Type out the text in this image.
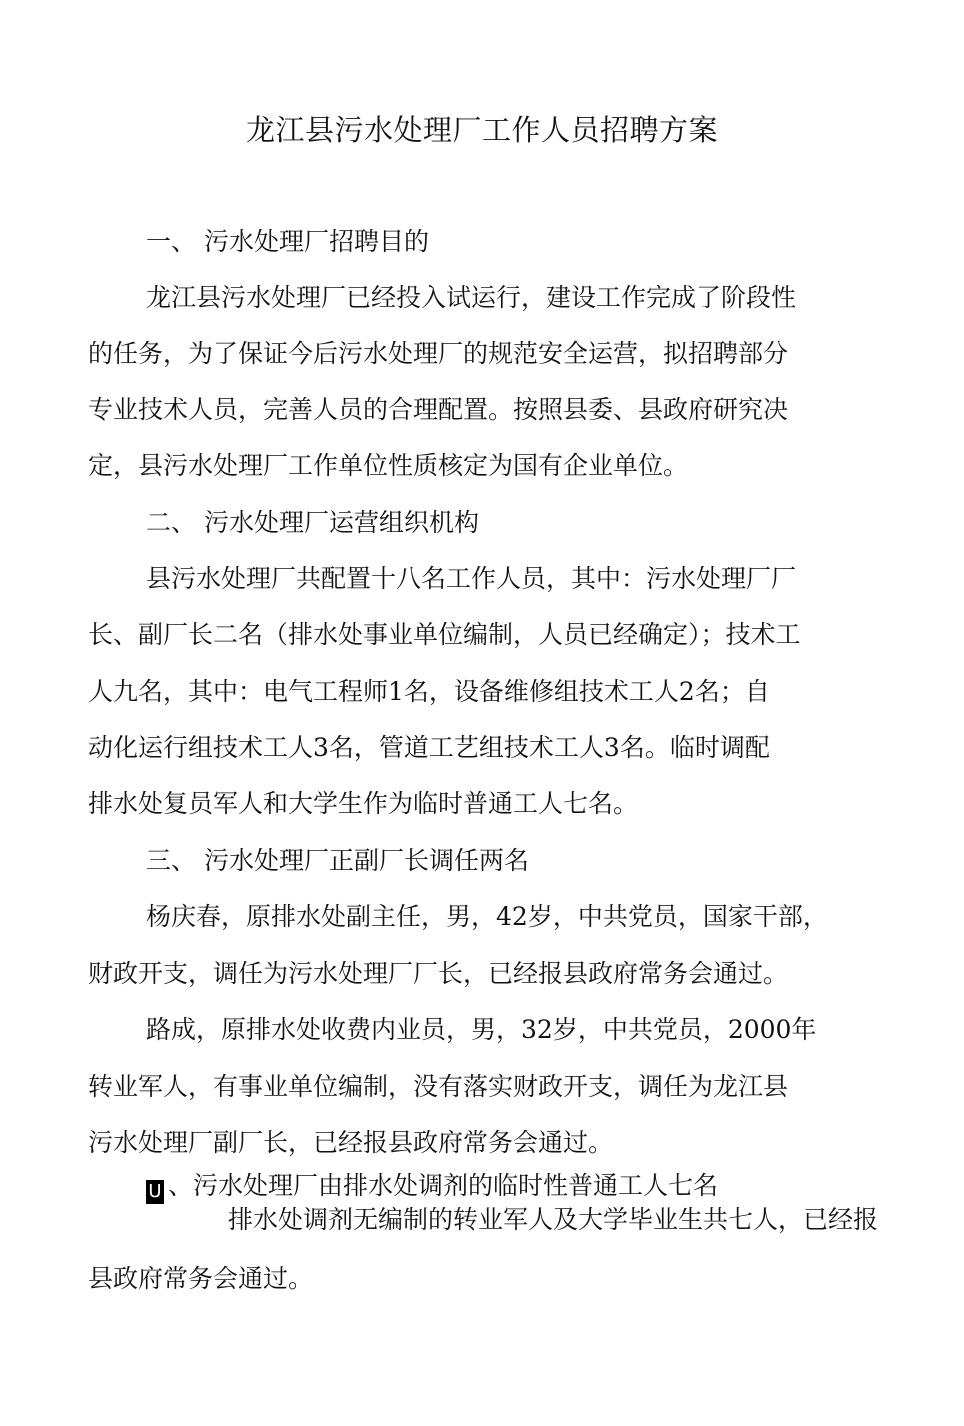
龙江县污水处理厂工作人员招聘方案
一、 污水处理厂招聘目的
龙江县污水处理厂已经投入试运行，建设工作完成了阶段性
的任务，为了保证今后污水处理厂的规范安全运营，拟招聘部分
专业技术人员，完善人员的合理配置。按照县委、县政府研究决
定，县污水处理厂工作单位性质核定为国有企业单位。
二、 污水处理厂运营组织机构
县污水处理厂共配置十八名工作人员，其中：污水处理厂厂
长、副厂长二名（排水处事业单位编制，人员已经确定）；技术工
人九名，其中：电气工程师1名，设备维修组技术工人2名；自
动化运行组技术工人3名，管道工艺组技术工人3名。临时调配
排水处复员军人和大学生作为临时普通工人七名。
三、 污水处理厂正副厂长调任两名
杨庆春，原排水处副主任，男，42岁，中共党员，国家干部，
财政开支，调任为污水处理厂厂长，已经报县政府常务会通过。
路成，原排水处收费内业员，男，32岁，中共党员，2000年
转业军人，有事业单位编制，没有落实财政开支，调任为龙江县
污水处理厂副厂长，已经报县政府常务会通过。
U 、污水处理厂由排水处调剂的临时性普通工人七名
排水处调剂无编制的转业军人及大学毕业生共七人，已经报
县政府常务会通过。
